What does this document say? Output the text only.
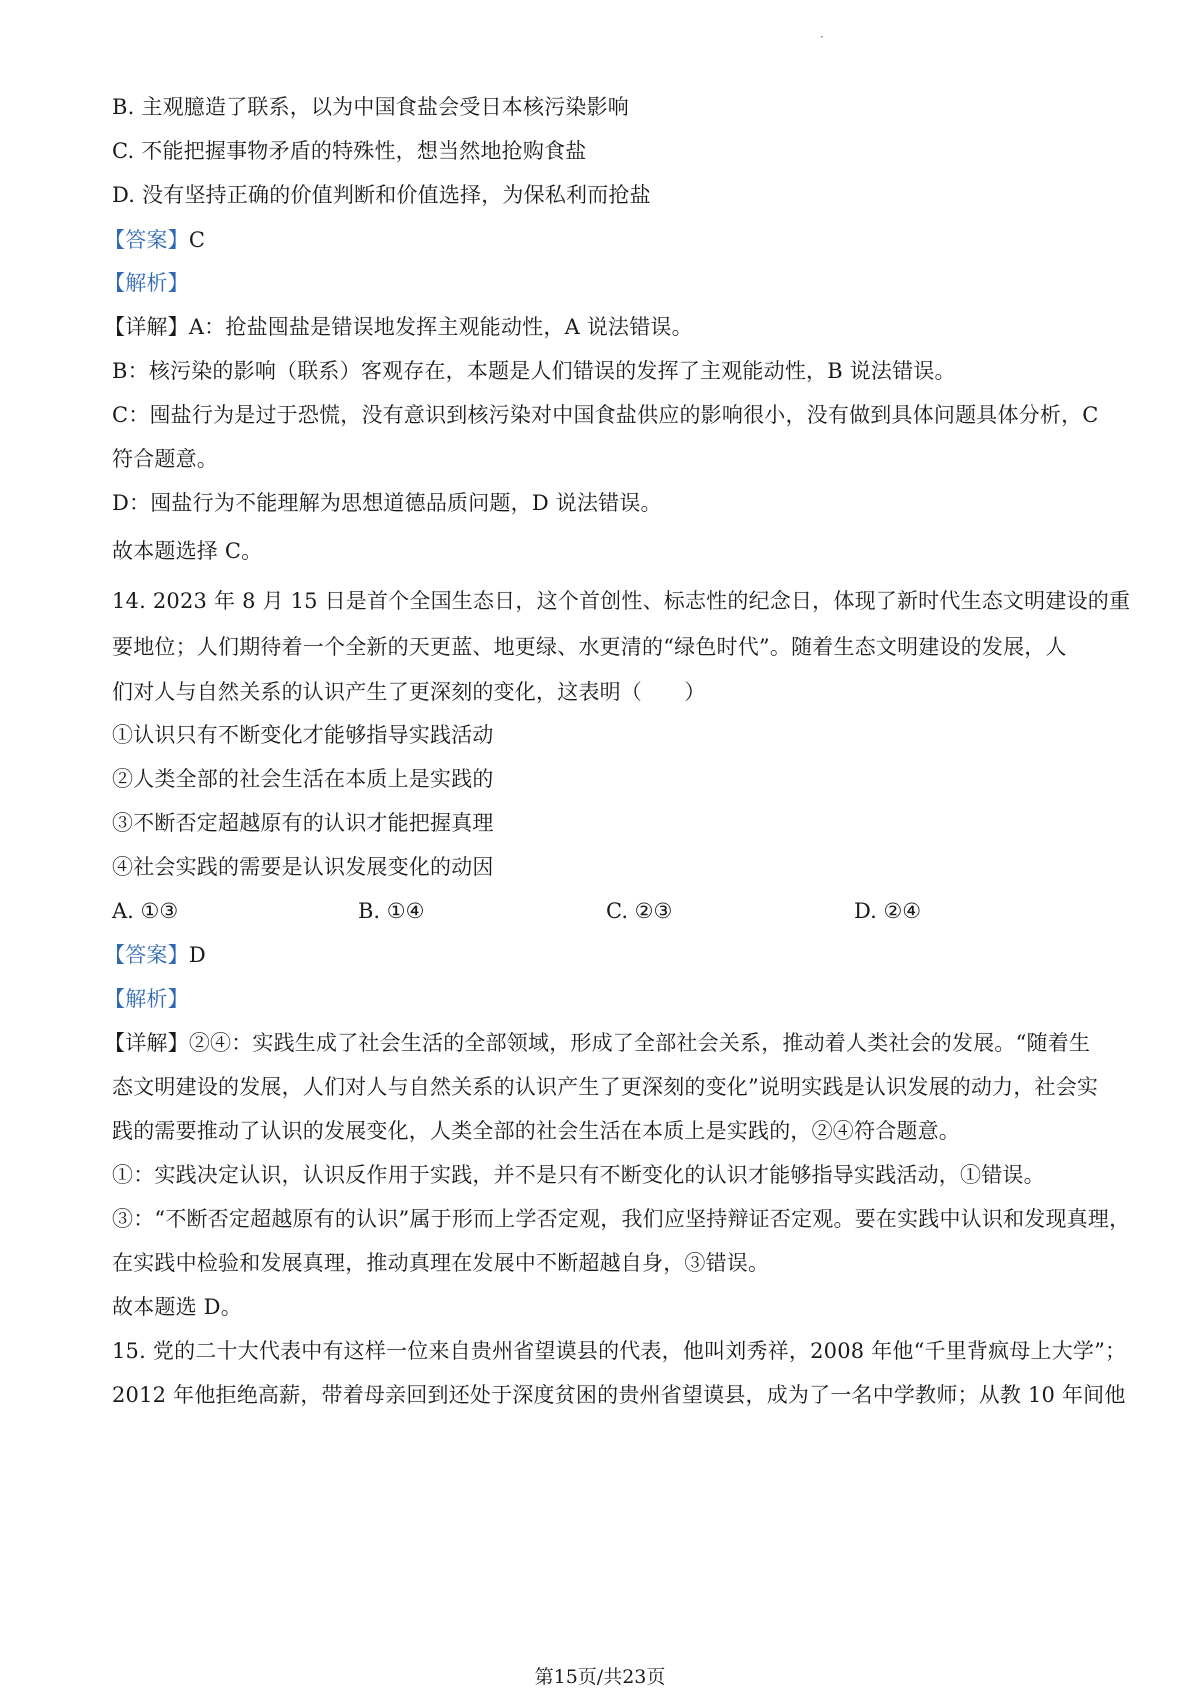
·
B. 主观臆造了联系，以为中国食盐会受日本核污染影响
C. 不能把握事物矛盾的特殊性，想当然地抢购食盐
D. 没有坚持正确的价值判断和价值选择，为保私利而抢盐
【答案】C
【解析】
【详解】A：抢盐囤盐是错误地发挥主观能动性，A 说法错误。
B：核污染的影响（联系）客观存在，本题是人们错误的发挥了主观能动性，B 说法错误。
C：囤盐行为是过于恐慌，没有意识到核污染对中国食盐供应的影响很小，没有做到具体问题具体分析，C
符合题意。
D：囤盐行为不能理解为思想道德品质问题，D 说法错误。
故本题选择 C。
14. 2023 年 8 月 15 日是首个全国生态日，这个首创性、标志性的纪念日，体现了新时代生态文明建设的重
要地位；人们期待着一个全新的天更蓝、地更绿、水更清的“绿色时代”。随着生态文明建设的发展，人
们对人与自然关系的认识产生了更深刻的变化，这表明（　　）
①认识只有不断变化才能够指导实践活动
②人类全部的社会生活在本质上是实践的
③不断否定超越原有的认识才能把握真理
④社会实践的需要是认识发展变化的动因
A. ①③	B. ①④	C. ②③	D. ②④
【答案】D
【解析】
【详解】②④：实践生成了社会生活的全部领域，形成了全部社会关系，推动着人类社会的发展。“随着生
态文明建设的发展，人们对人与自然关系的认识产生了更深刻的变化”说明实践是认识发展的动力，社会实
践的需要推动了认识的发展变化，人类全部的社会生活在本质上是实践的，②④符合题意。
①：实践决定认识，认识反作用于实践，并不是只有不断变化的认识才能够指导实践活动，①错误。
③：“不断否定超越原有的认识”属于形而上学否定观，我们应坚持辩证否定观。要在实践中认识和发现真理，
在实践中检验和发展真理，推动真理在发展中不断超越自身，③错误。
故本题选 D。
15. 党的二十大代表中有这样一位来自贵州省望谟县的代表，他叫刘秀祥，2008 年他“千里背疯母上大学”；
2012 年他拒绝高薪，带着母亲回到还处于深度贫困的贵州省望谟县，成为了一名中学教师；从教 10 年间他
第15页/共23页
